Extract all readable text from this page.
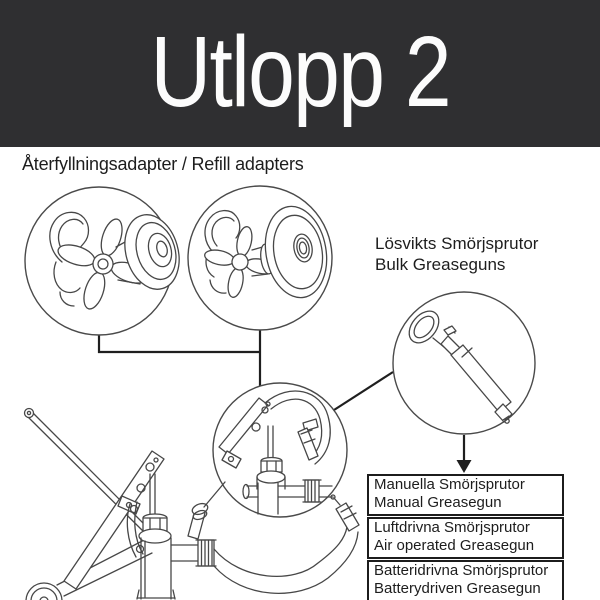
Utlopp 2
Återfyllningsadapter / Refill adapters
Lösvikts Smörjsprutor
Bulk Greaseguns
Manuella Smörjsprutor
Manual Greasegun
Luftdrivna Smörjsprutor
Air operated Greasegun
Batteridrivna Smörjsprutor
Batterydriven Greasegun
